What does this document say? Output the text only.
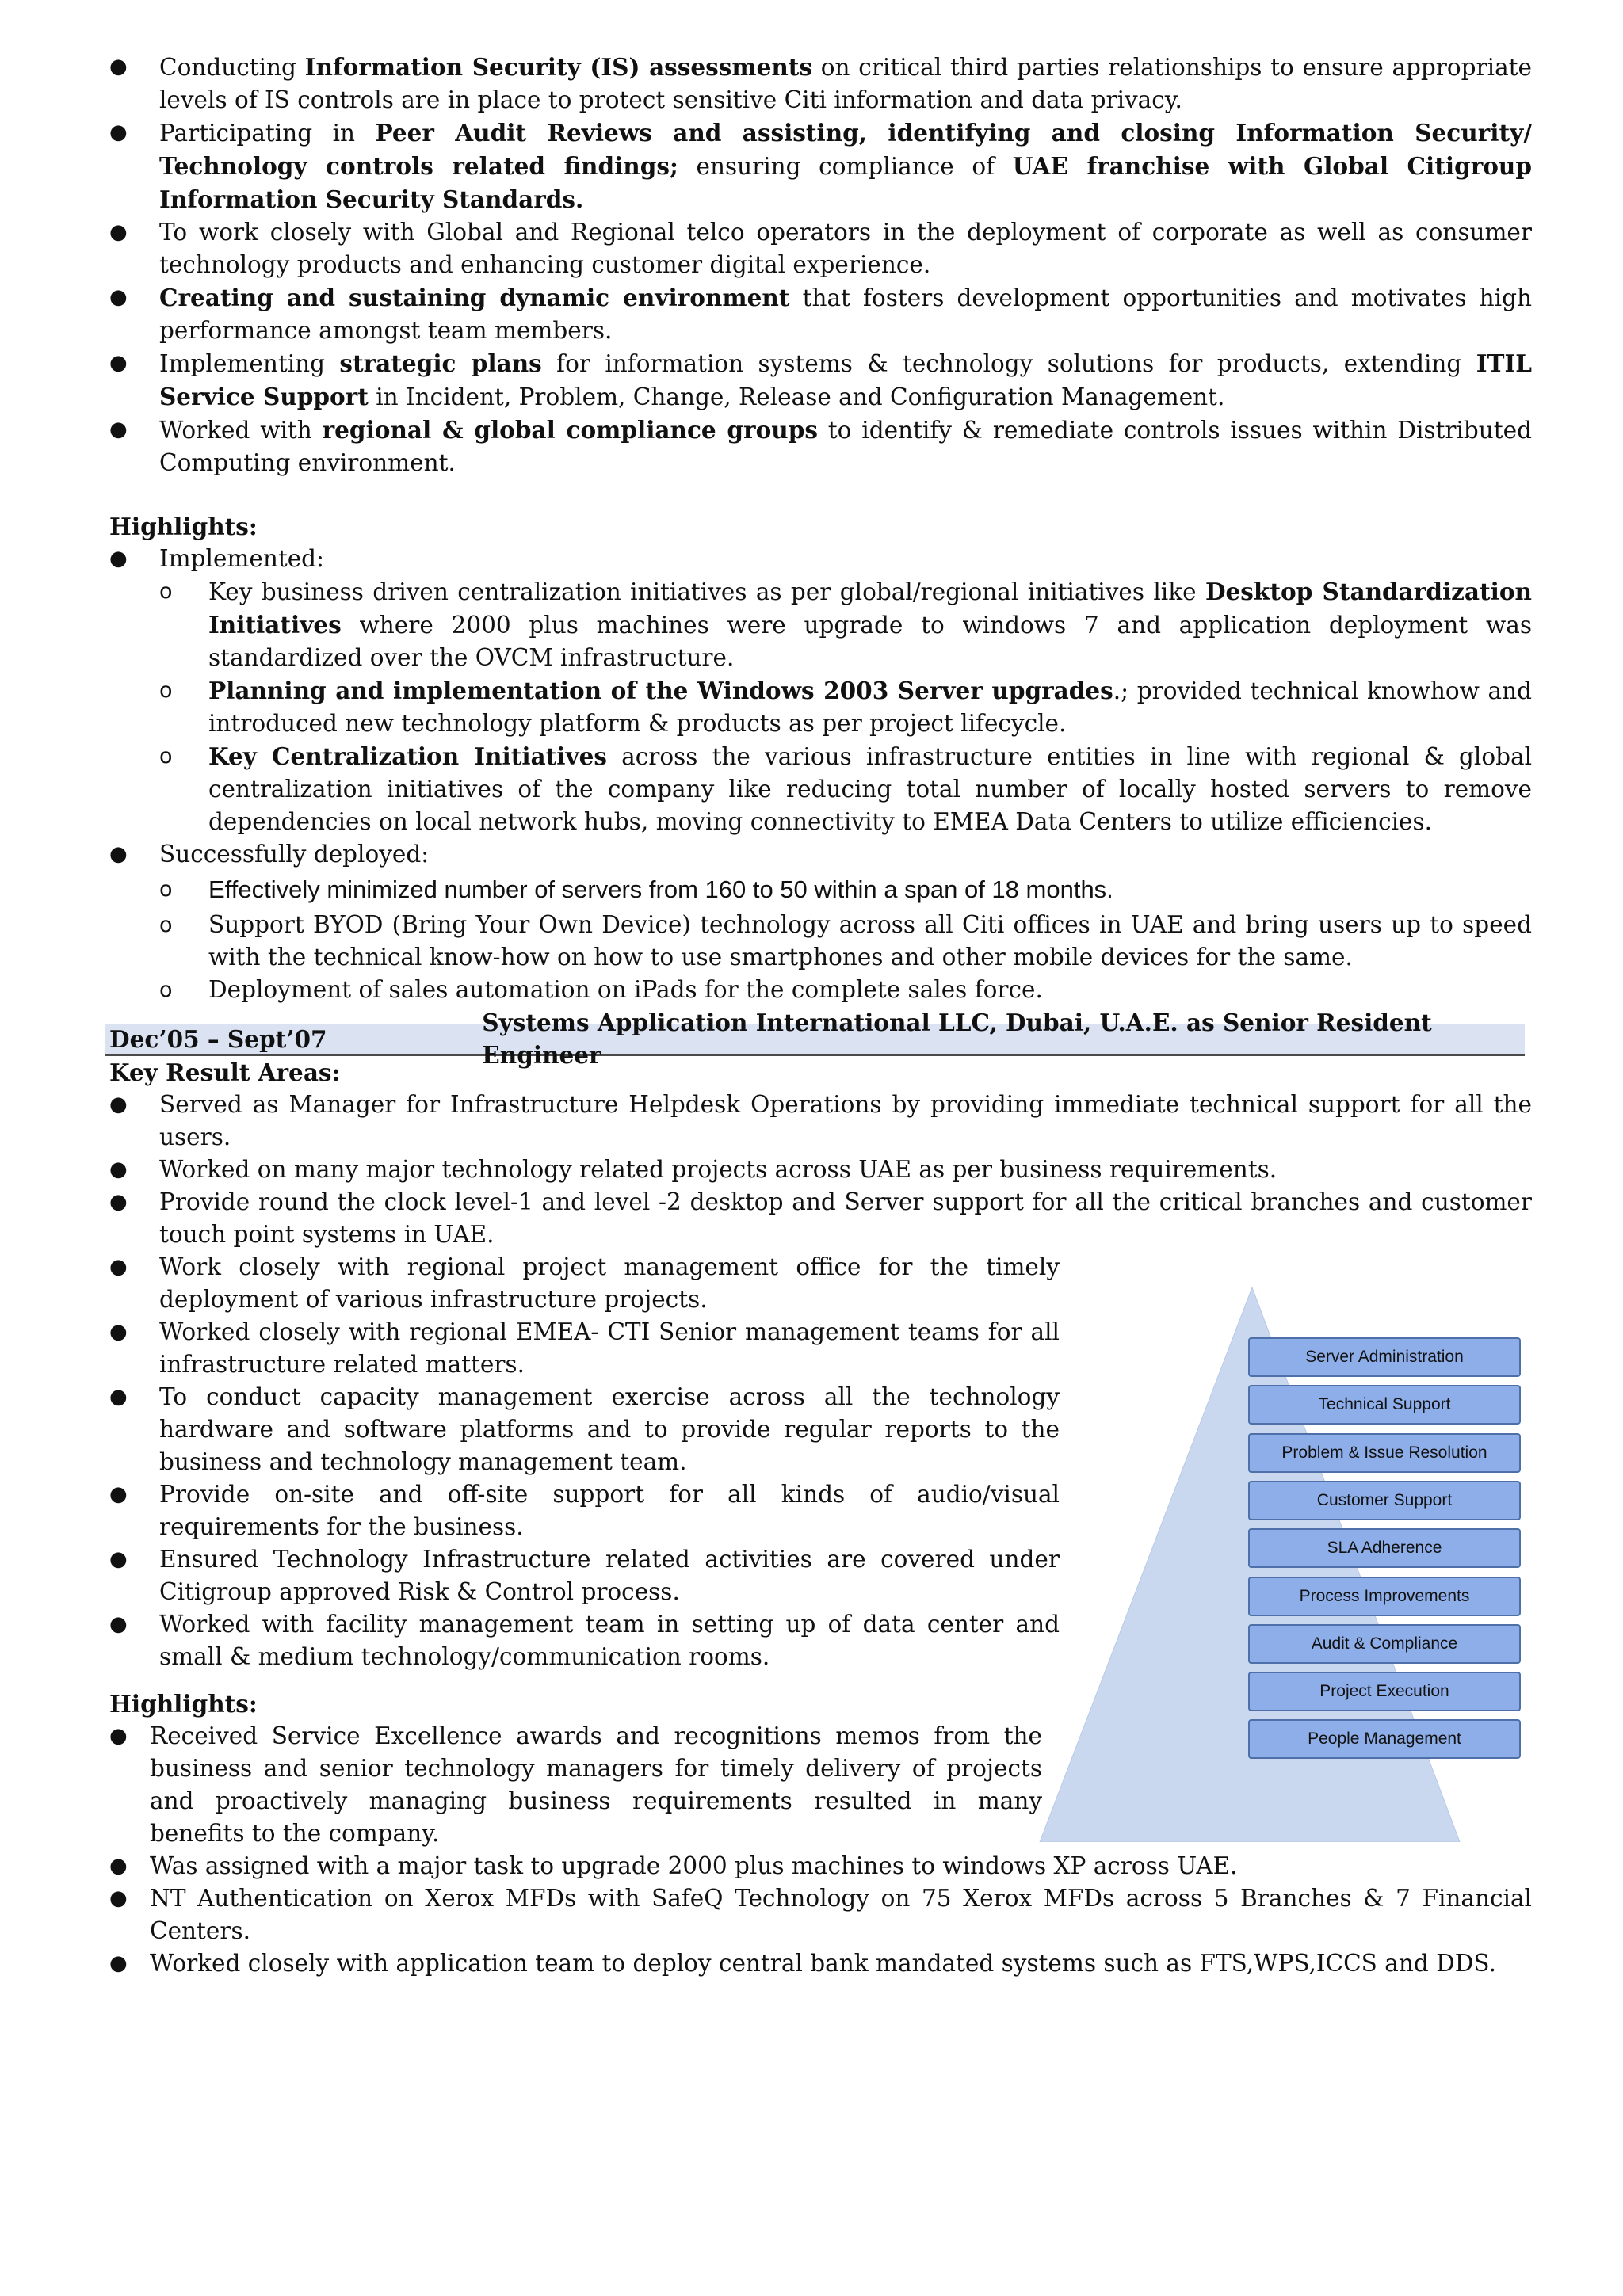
● Conducting Information Security (IS) assessments on critical third parties relationships to ensure appropriate levels of IS controls are in place to protect sensitive Citi information and data privacy.
● Participating in Peer Audit Reviews and assisting, identifying and closing Information Security/ Technology controls related findings; ensuring compliance of UAE franchise with Global Citigroup Information Security Standards.
● To work closely with Global and Regional telco operators in the deployment of corporate as well as consumer technology products and enhancing customer digital experience.
● Creating and sustaining dynamic environment that fosters development opportunities and motivates high performance amongst team members.
● Implementing strategic plans for information systems & technology solutions for products, extending ITIL Service Support in Incident, Problem, Change, Release and Configuration Management.
● Worked with regional & global compliance groups to identify & remediate controls issues within Distributed Computing environment.
Highlights:
● Implemented:
o Key business driven centralization initiatives as per global/regional initiatives like Desktop Standardization Initiatives where 2000 plus machines were upgrade to windows 7 and application deployment was standardized over the OVCM infrastructure.
o Planning and implementation of the Windows 2003 Server upgrades.; provided technical knowhow and introduced new technology platform & products as per project lifecycle.
o Key Centralization Initiatives across the various infrastructure entities in line with regional & global centralization initiatives of the company like reducing total number of locally hosted servers to remove dependencies on local network hubs, moving connectivity to EMEA Data Centers to utilize efficiencies.
● Successfully deployed:
o Effectively minimized number of servers from 160 to 50 within a span of 18 months.
o Support BYOD (Bring Your Own Device) technology across all Citi offices in UAE and bring users up to speed with the technical know-how on how to use smartphones and other mobile devices for the same.
o Deployment of sales automation on iPads for the complete sales force.
Dec’05 – Sept’07
Systems Application International LLC, Dubai, U.A.E. as Senior Resident Engineer
Key Result Areas:
● Served as Manager for Infrastructure Helpdesk Operations by providing immediate technical support for all the users.
● Worked on many major technology related projects across UAE as per business requirements.
● Provide round the clock level-1 and level -2 desktop and Server support for all the critical branches and customer touch point systems in UAE.
● Work closely with regional project management office for the timely deployment of various infrastructure projects.
● Worked closely with regional EMEA- CTI Senior management teams for all infrastructure related matters.
● To conduct capacity management exercise across all the technology hardware and software platforms and to provide regular reports to the business and technology management team.
● Provide on-site and off-site support for all kinds of audio/visual requirements for the business.
● Ensured Technology Infrastructure related activities are covered under Citigroup approved Risk & Control process.
● Worked with facility management team in setting up of data center and small & medium technology/communication rooms.
Highlights:
● Received Service Excellence awards and recognitions memos from the business and senior technology managers for timely delivery of projects and proactively managing business requirements resulted in many benefits to the company.
● Was assigned with a major task to upgrade 2000 plus machines to windows XP across UAE.
● NT Authentication on Xerox MFDs with SafeQ Technology on 75 Xerox MFDs across 5 Branches & 7 Financial Centers.
● Worked closely with application team to deploy central bank mandated systems such as FTS,WPS,ICCS and DDS.
Server Administration
Technical Support
Problem & Issue Resolution
Customer Support
SLA Adherence
Process Improvements
Audit & Compliance
Project Execution
People Management
